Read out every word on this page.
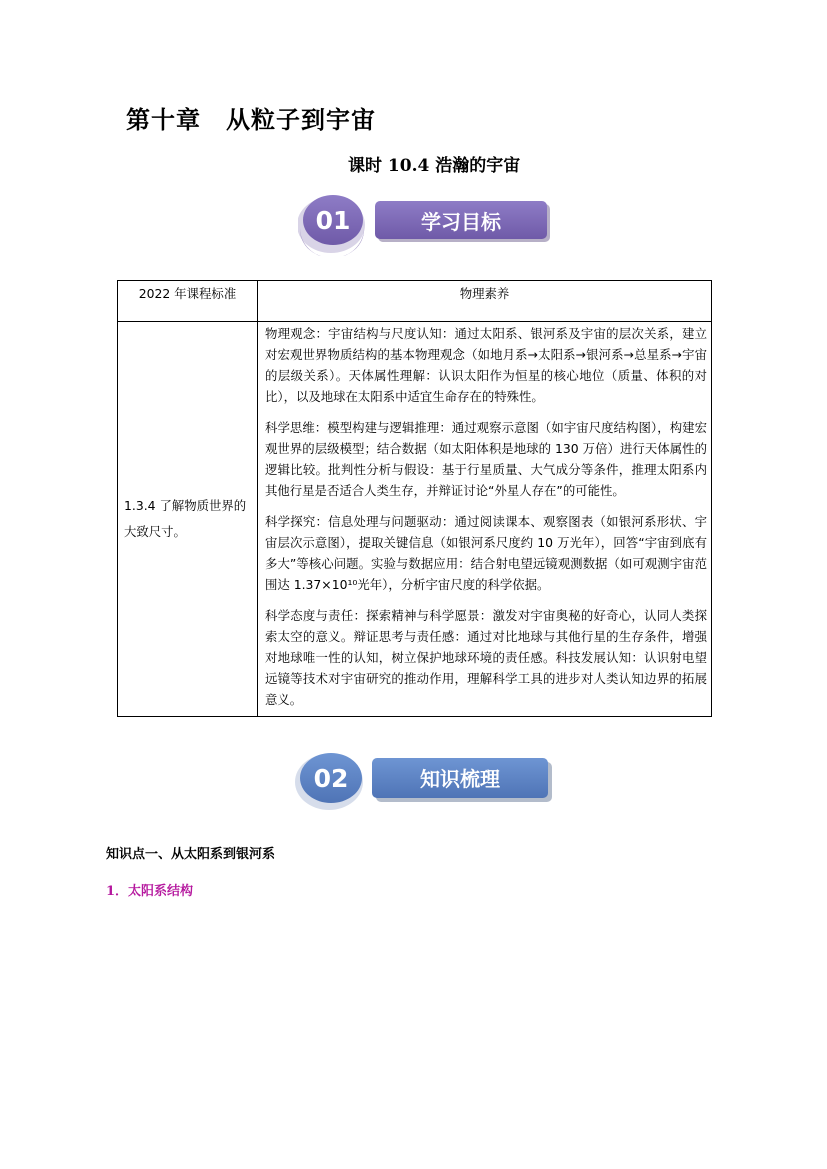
第十章　从粒子到宇宙
课时 10.4 浩瀚的宇宙
01	学习目标
2022 年课程标准	物理素养
1.3.4 了解物质世界的大致尺寸。	物理观念：宇宙结构与尺度认知：通过太阳系、银河系及宇宙的层次关系，建立对宏观世界物质结构的基本物理观念（如地月系→太阳系→银河系→总星系→宇宙的层级关系）。天体属性理解：认识太阳作为恒星的核心地位（质量、体积的对比），以及地球在太阳系中适宜生命存在的特殊性。

科学思维：模型构建与逻辑推理：通过观察示意图（如宇宙尺度结构图），构建宏观世界的层级模型；结合数据（如太阳体积是地球的 130 万倍）进行天体属性的逻辑比较。批判性分析与假设：基于行星质量、大气成分等条件，推理太阳系内其他行星是否适合人类生存，并辩证讨论“外星人存在”的可能性。

科学探究：信息处理与问题驱动：通过阅读课本、观察图表（如银河系形状、宇宙层次示意图），提取关键信息（如银河系尺度约 10 万光年），回答“宇宙到底有多大”等核心问题。实验与数据应用：结合射电望远镜观测数据（如可观测宇宙范围达 1.37×10¹⁰光年），分析宇宙尺度的科学依据。

科学态度与责任：探索精神与科学愿景：激发对宇宙奥秘的好奇心，认同人类探索太空的意义。辩证思考与责任感：通过对比地球与其他行星的生存条件，增强对地球唯一性的认知，树立保护地球环境的责任感。科技发展认知：认识射电望远镜等技术对宇宙研究的推动作用，理解科学工具的进步对人类认知边界的拓展意义。

02	知识梳理
知识点一、从太阳系到银河系
1．太阳系结构
